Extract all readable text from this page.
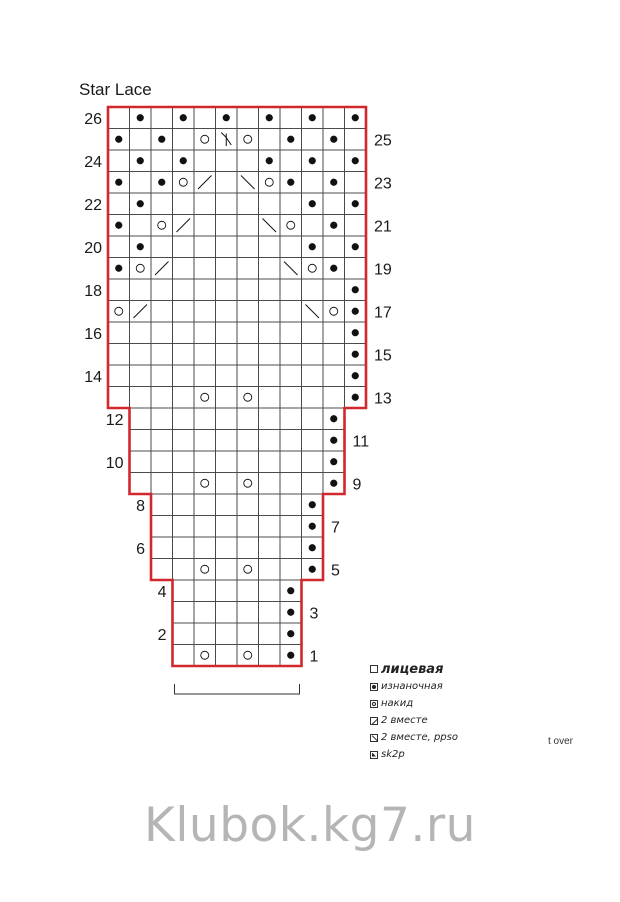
Star Lace
1
2
3
4
5
6
7
8
9
10
11
12
13
14
15
16
17
18
19
20
21
22
23
24
25
26
лицевая
изнаночная
накид
2 вместе
2 вместе, ppso
sk2p
t over
Klubok.kg7.ru
